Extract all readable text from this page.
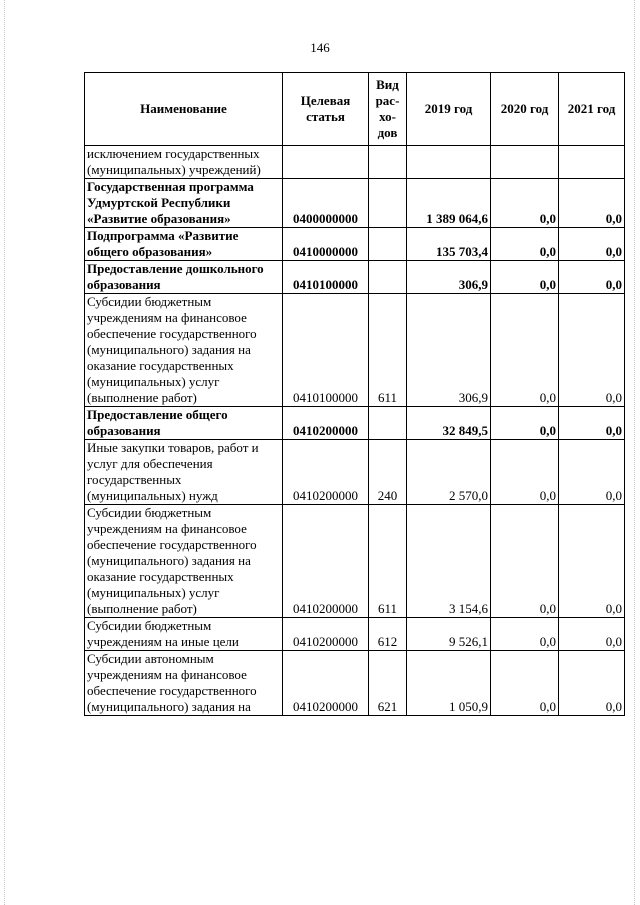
146
Наименование	Целевая статья	Вид рас-хо-дов	2019 год	2020 год	2021 год
исключением государственных (муниципальных) учреждений)					
Государственная программа Удмуртской Республики «Развитие образования»	0400000000		1 389 064,6	0,0	0,0
Подпрограмма «Развитие общего образования»	0410000000		135 703,4	0,0	0,0
Предоставление дошкольного образования	0410100000		306,9	0,0	0,0
Субсидии бюджетным учреждениям на финансовое обеспечение государственного (муниципального) задания на оказание государственных (муниципальных) услуг (выполнение работ)	0410100000	611	306,9	0,0	0,0
Предоставление общего образования	0410200000		32 849,5	0,0	0,0
Иные закупки товаров, работ и услуг для обеспечения государственных (муниципальных) нужд	0410200000	240	2 570,0	0,0	0,0
Субсидии бюджетным учреждениям на финансовое обеспечение государственного (муниципального) задания на оказание государственных (муниципальных) услуг (выполнение работ)	0410200000	611	3 154,6	0,0	0,0
Субсидии бюджетным учреждениям на иные цели	0410200000	612	9 526,1	0,0	0,0
Субсидии автономным учреждениям на финансовое обеспечение государственного (муниципального) задания на	0410200000	621	1 050,9	0,0	0,0
